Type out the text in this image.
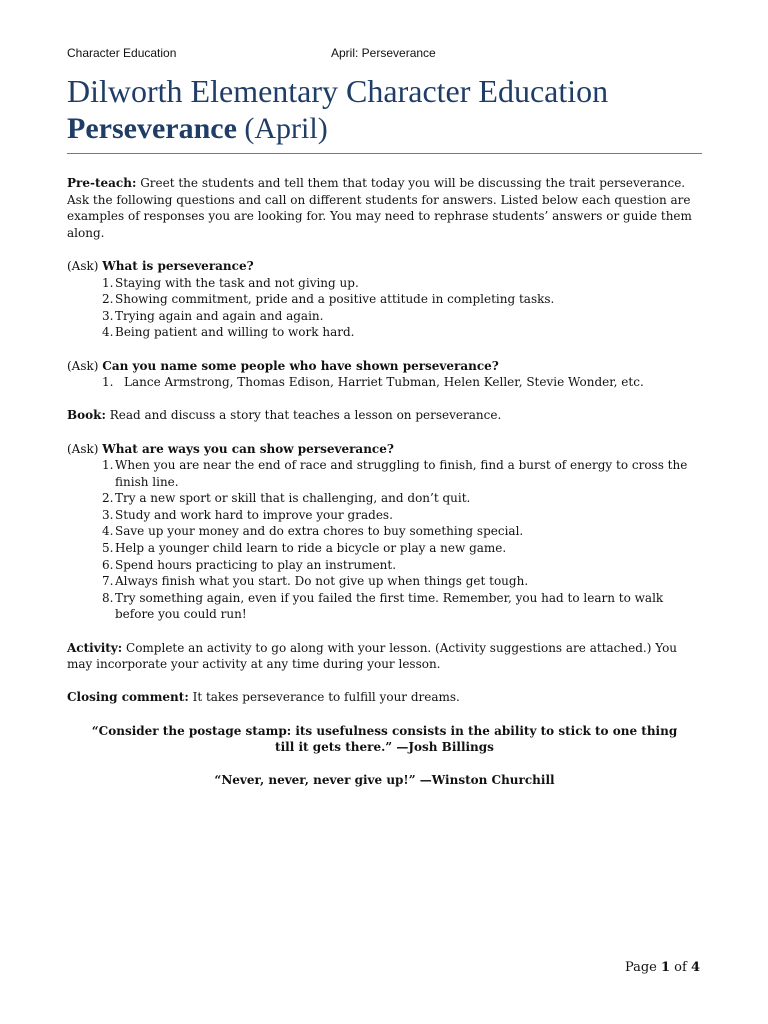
Character Education	April: Perseverance
Dilworth Elementary Character Education
Perseverance (April)

Pre-teach: Greet the students and tell them that today you will be discussing the trait perseverance. Ask the following questions and call on different students for answers. Listed below each question are examples of responses you are looking for. You may need to rephrase students’ answers or guide them along.

(Ask) What is perseverance?

1. Staying with the task and not giving up.
2. Showing commitment, pride and a positive attitude in completing tasks.
3. Trying again and again and again.
4. Being patient and willing to work hard.

(Ask) Can you name some people who have shown perseverance?

1. Lance Armstrong, Thomas Edison, Harriet Tubman, Helen Keller, Stevie Wonder, etc.

Book: Read and discuss a story that teaches a lesson on perseverance.

(Ask) What are ways you can show perseverance?

1. When you are near the end of race and struggling to finish, find a burst of energy to cross the finish line.
2. Try a new sport or skill that is challenging, and don’t quit.
3. Study and work hard to improve your grades.
4. Save up your money and do extra chores to buy something special.
5. Help a younger child learn to ride a bicycle or play a new game.
6. Spend hours practicing to play an instrument.
7. Always finish what you start. Do not give up when things get tough.
8. Try something again, even if you failed the first time. Remember, you had to learn to walk before you could run!

Activity: Complete an activity to go along with your lesson. (Activity suggestions are attached.) You may incorporate your activity at any time during your lesson.

Closing comment: It takes perseverance to fulfill your dreams.

“Consider the postage stamp: its usefulness consists in the ability to stick to one thing till it gets there.” —Josh Billings

“Never, never, never give up!” —Winston Churchill

Page 1 of 4
